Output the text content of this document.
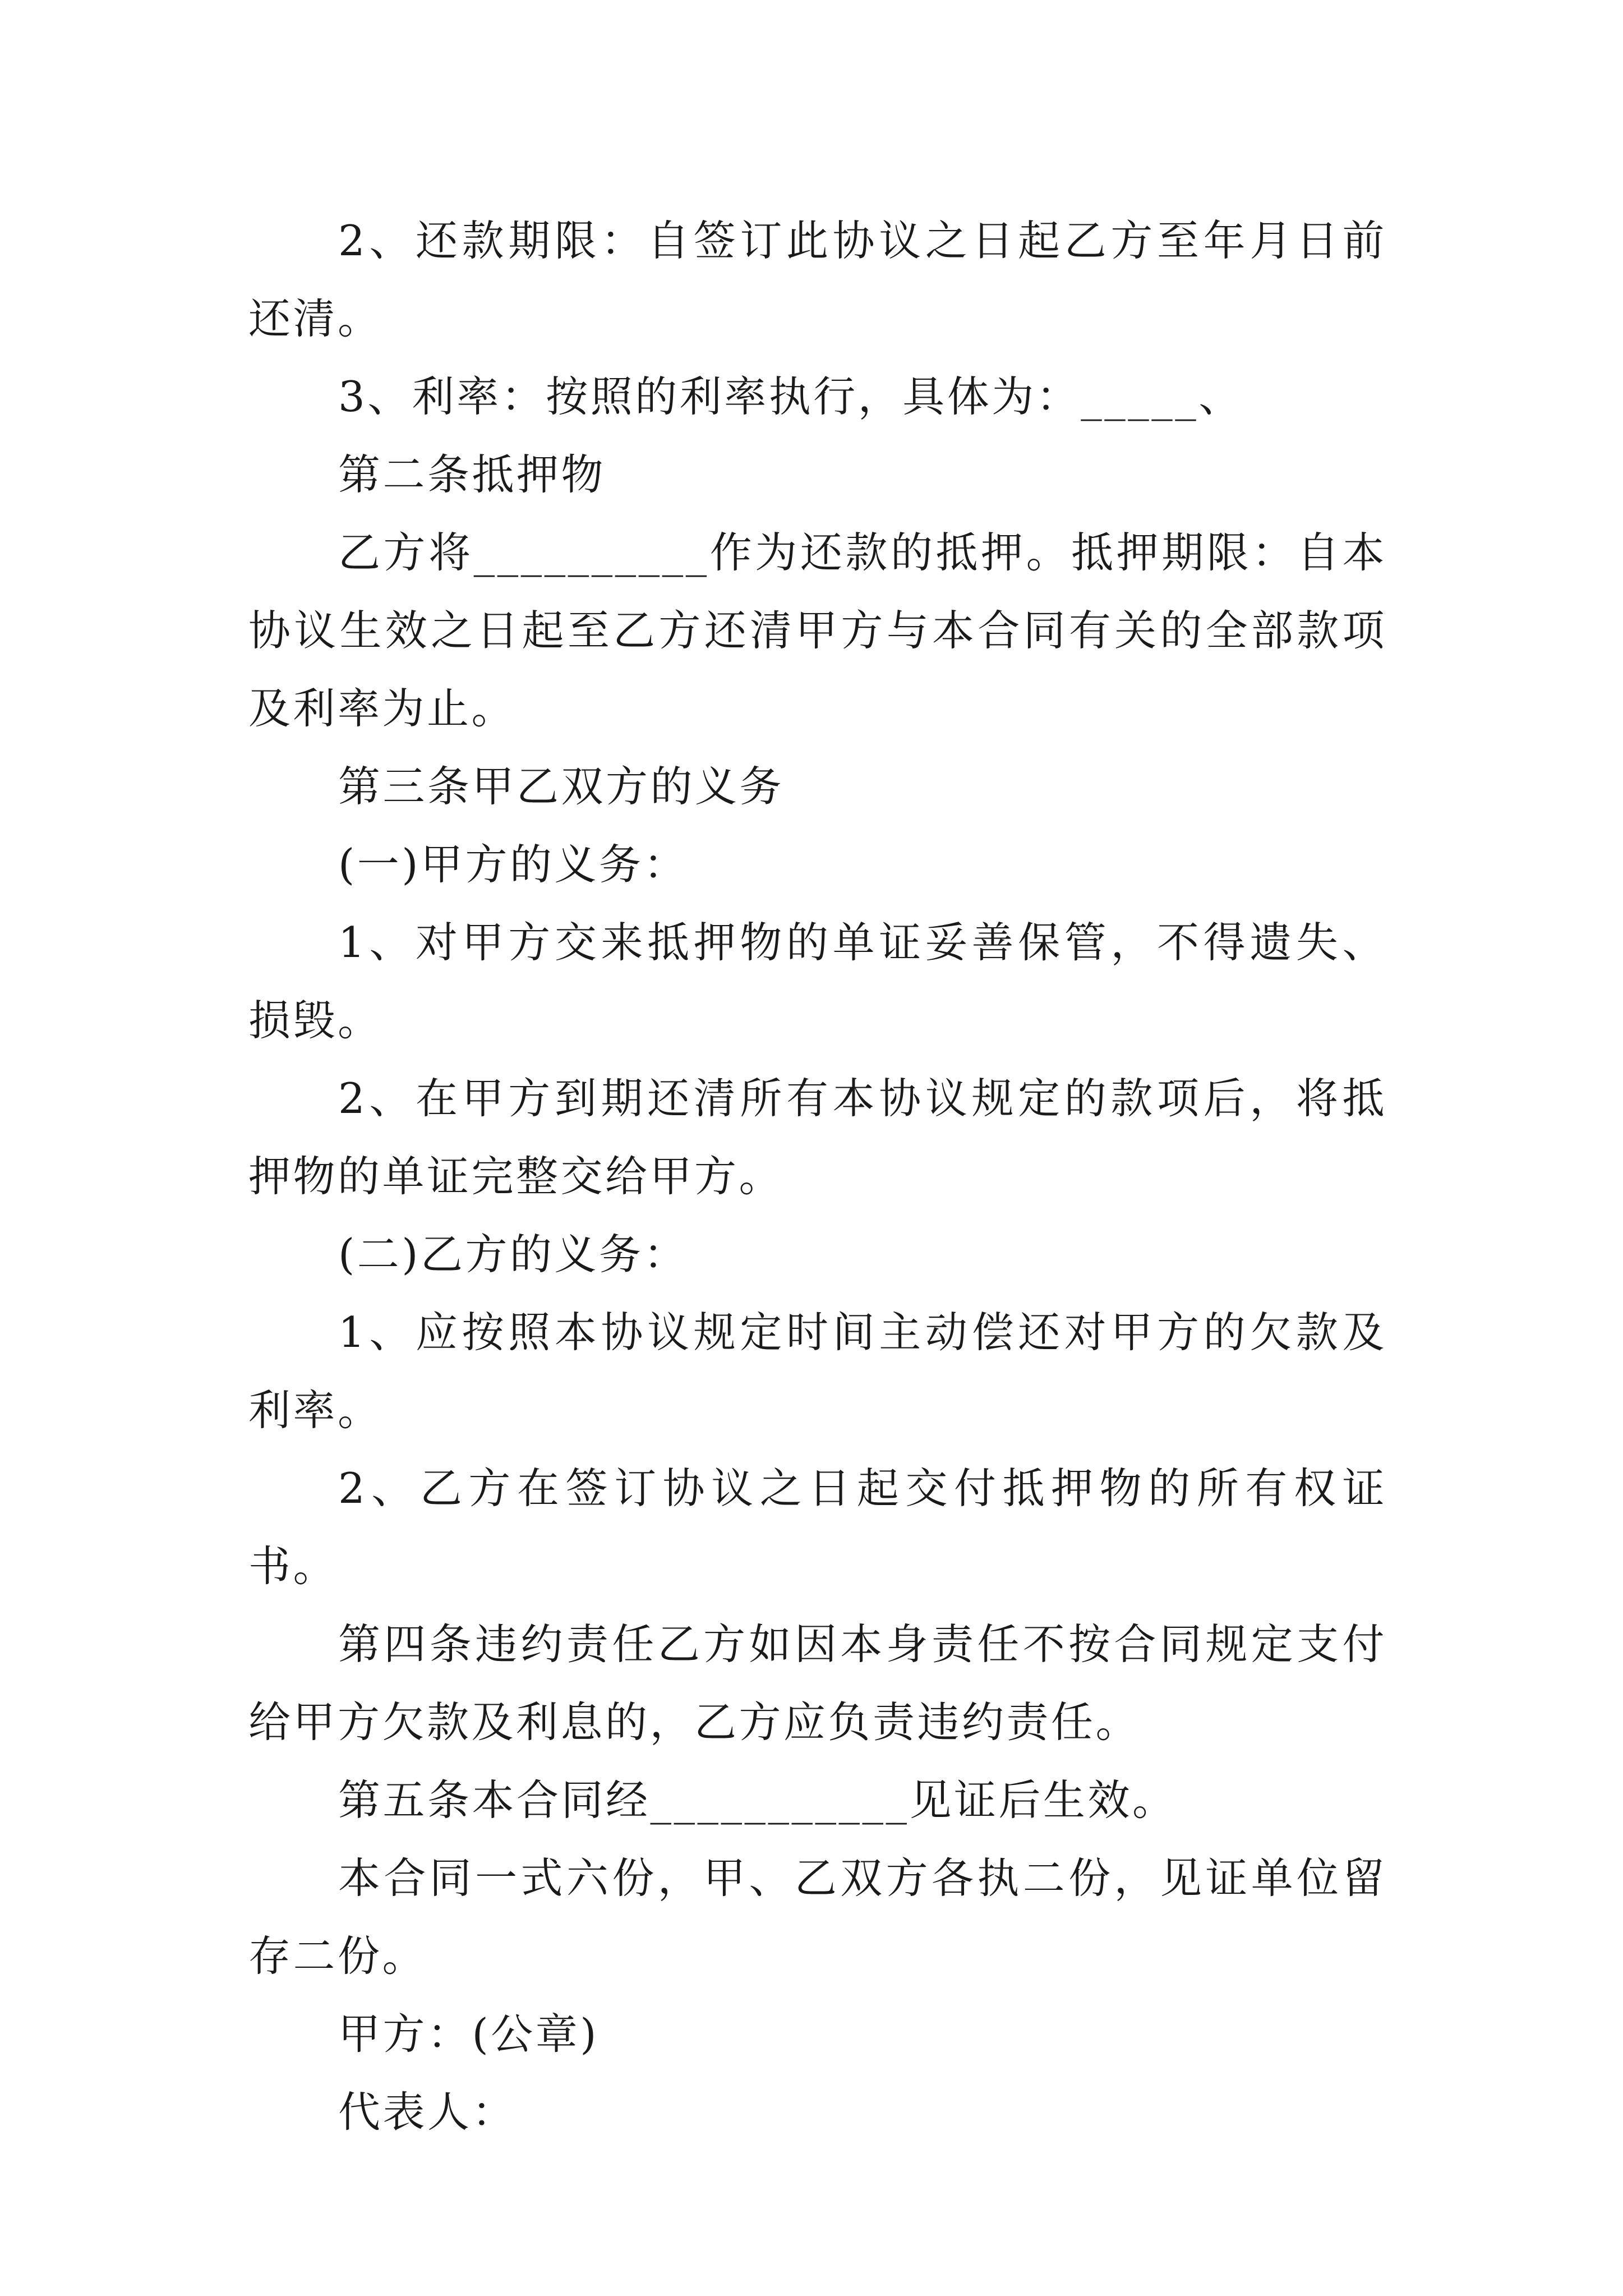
2、还款期限：自签订此协议之日起乙方至年月日前还清。

3、利率：按照的利率执行，具体为：_____、

第二条抵押物

乙方将__________作为还款的抵押。抵押期限：自本协议生效之日起至乙方还清甲方与本合同有关的全部款项及利率为止。

第三条甲乙双方的义务

(一)甲方的义务：

1、对甲方交来抵押物的单证妥善保管，不得遗失、损毁。

2、在甲方到期还清所有本协议规定的款项后，将抵押物的单证完整交给甲方。

(二)乙方的义务：

1、应按照本协议规定时间主动偿还对甲方的欠款及利率。

2、乙方在签订协议之日起交付抵押物的所有权证书。

第四条违约责任乙方如因本身责任不按合同规定支付给甲方欠款及利息的，乙方应负责违约责任。

第五条本合同经___________见证后生效。

本合同一式六份，甲、乙双方各执二份，见证单位留存二份。

甲方：(公章)

代表人：
